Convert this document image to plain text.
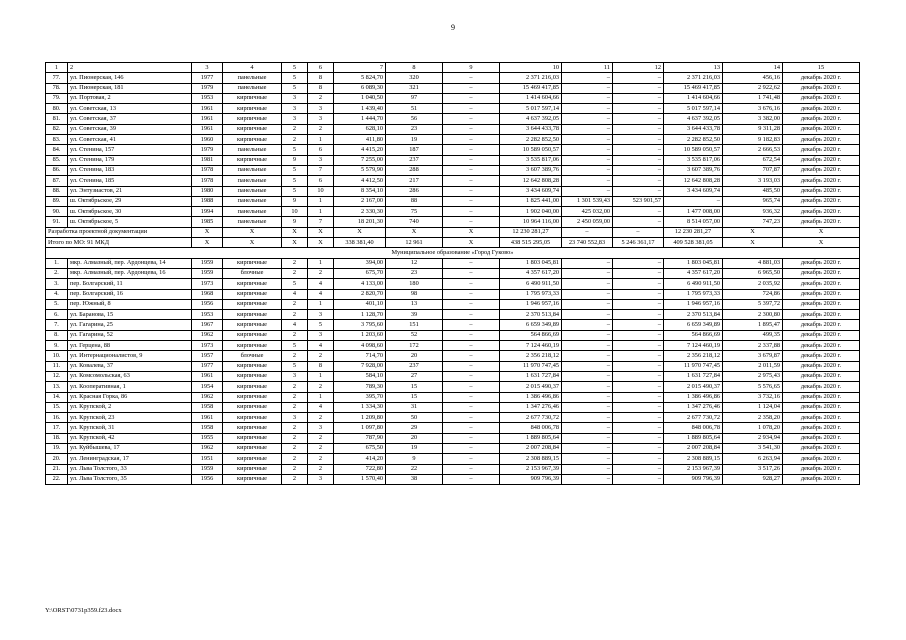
9
1	2	3	4	5	6	7	8	9	10	11	12	13	14	15
77.	ул. Пионерская, 146	1977	панельные	5	8	5 824,70	320	–	2 371 216,03	–	–	2 371 216,03	456,16	декабрь 2020 г.
78.	ул. Пионерская, 181	1979	панельные	5	8	6 089,30	321	–	15 469 417,85	–	–	15 469 417,85	2 922,62	декабрь 2020 г.
79.	ул. Портовая, 2	1953	кирпичные	3	2	1 040,50	97	–	1 414 604,66	–	–	1 414 604,66	1 741,48	декабрь 2020 г.
80.	ул. Советская, 13	1961	кирпичные	3	3	1 439,40	51	–	5 017 597,14	–	–	5 017 597,14	3 676,16	декабрь 2020 г.
81.	ул. Советская, 37	1961	кирпичные	3	3	1 444,70	56	–	4 637 392,05	–	–	4 637 392,05	3 382,00	декабрь 2020 г.
82.	ул. Советская, 39	1961	кирпичные	2	2	628,10	23	–	3 644 433,78	–	–	3 644 433,78	9 311,28	декабрь 2020 г.
83.	ул. Советская, 41	1960	кирпичные	2	1	411,80	19	–	2 282 852,50	–	–	2 282 852,50	9 182,83	декабрь 2020 г.
84.	ул. Стенина, 157	1979	панельные	5	6	4 415,20	187	–	10 589 050,57	–	–	10 589 050,57	2 666,53	декабрь 2020 г.
85.	ул. Стенина, 179	1981	кирпичные	9	3	7 255,00	237	–	3 535 817,06	–	–	3 535 817,06	672,54	декабрь 2020 г.
86.	ул. Стенина, 183	1978	панельные	5	7	5 579,90	288	–	3 607 389,76	–	–	3 607 389,76	707,87	декабрь 2020 г.
87.	ул. Стенина, 185	1978	панельные	5	6	4 412,50	217	–	12 642 808,28	–	–	12 642 808,28	3 193,03	декабрь 2020 г.
88.	ул. Энтузиастов, 21	1980	панельные	5	10	8 354,10	286	–	3 434 609,74	–	–	3 434 609,74	485,50	декабрь 2020 г.
89.	ш. Октябрьское, 29	1988	панельные	9	1	2 167,00	88	–	1 825 441,00	1 301 539,43	523 901,57	–	965,74	декабрь 2020 г.
90.	ш. Октябрьское, 30	1994	панельные	10	1	2 330,30	75	–	1 902 040,00	425 032,00	–	1 477 008,00	936,32	декабрь 2020 г.
91.	ш. Октябрьское, 5	1985	панельные	9	7	18 201,30	740	–	10 964 116,00	2 450 059,00	–	8 514 057,00	747,23	декабрь 2020 г.
Разработка проектной документации		Х	Х	Х	Х	Х	Х	Х	12 230 281,27	–	–	12 230 281,27	Х	Х
Итого по МО: 91 МКД		Х	Х	Х	Х	338 381,40	12 961	Х	438 515 295,05	23 740 552,83	5 246 361,17	409 528 381,05	Х	Х
Муниципальное образование «Город Гуково»														
1.	мкр. Алмазный, пер. Ардонцева, 14	1959	кирпичные	2	1	394,00	12	–	1 803 045,81	–	–	1 803 045,81	4 881,03	декабрь 2020 г.
2.	мкр. Алмазный, пер. Ардонцева, 16	1959	блочные	2	2	675,70	23	–	4 357 617,20	–	–	4 357 617,20	6 965,50	декабрь 2020 г.
3.	пер. Болгарский, 11	1973	кирпичные	5	4	4 133,00	180	–	6 490 911,50	–	–	6 490 911,50	2 035,92	декабрь 2020 г.
4.	пер. Болгарский, 16	1968	кирпичные	4	4	2 820,70	98	–	1 795 973,33	–	–	1 795 973,33	724,86	декабрь 2020 г.
5.	пер. Южный, 8	1956	кирпичные	2	1	401,10	13	–	1 946 957,16	–	–	1 946 957,16	5 397,72	декабрь 2020 г.
6.	ул. Баранова, 15	1953	кирпичные	2	3	1 128,70	39	–	2 370 513,84	–	–	2 370 513,84	2 300,80	декабрь 2020 г.
7.	ул. Гагарина, 25	1967	кирпичные	4	5	3 795,60	151	–	6 659 349,89	–	–	6 659 349,89	1 895,47	декабрь 2020 г.
8.	ул. Гагарина, 52	1962	кирпичные	2	3	1 203,60	52	–	564 866,69	–	–	564 866,69	499,35	декабрь 2020 г.
9.	ул. Герцена, 88	1973	кирпичные	5	4	4 098,60	172	–	7 124 460,19	–	–	7 124 460,19	2 337,88	декабрь 2020 г.
10.	ул. Интернационалистов, 9	1957	блочные	2	2	714,70	20	–	2 356 218,12	–	–	2 356 218,12	3 679,87	декабрь 2020 г.
11.	ул. Ковалева, 37	1977	кирпичные	5	8	7 928,00	237	–	11 970 747,45	–	–	11 970 747,45	2 011,59	декабрь 2020 г.
12.	ул. Комсомольская, 63	1961	кирпичные	3	1	584,10	27	–	1 631 727,84	–	–	1 631 727,84	2 975,43	декабрь 2020 г.
13.	ул. Кооперативная, 1	1954	кирпичные	2	2	789,30	15	–	2 015 490,37	–	–	2 015 490,37	5 576,65	декабрь 2020 г.
14.	ул. Красная Горка, 86	1962	кирпичные	2	1	395,70	15	–	1 386 496,86	–	–	1 386 496,86	3 732,16	декабрь 2020 г.
15.	ул. Крупской, 2	1958	кирпичные	2	4	1 334,30	31	–	1 347 276,46	–	–	1 347 276,46	1 124,04	декабрь 2020 г.
16.	ул. Крупской, 23	1961	кирпичные	3	2	1 209,80	50	–	2 677 730,72	–	–	2 677 730,72	2 358,20	декабрь 2020 г.
17.	ул. Крупской, 31	1958	кирпичные	2	3	1 097,80	29	–	848 006,78	–	–	848 006,78	1 078,20	декабрь 2020 г.
18.	ул. Крупской, 42	1955	кирпичные	2	2	787,90	20	–	1 889 805,64	–	–	1 889 805,64	2 934,94	декабрь 2020 г.
19.	ул. Куйбышева, 17	1962	кирпичные	2	2	675,50	19	–	2 007 208,84	–	–	2 007 208,84	3 541,30	декабрь 2020 г.
20.	ул. Ленинградская, 17	1951	кирпичные	2	2	414,20	9	–	2 308 889,15	–	–	2 308 889,15	6 263,94	декабрь 2020 г.
21.	ул. Льва Толстого, 33	1959	кирпичные	2	2	722,80	22	–	2 153 967,39	–	–	2 153 967,39	3 517,26	декабрь 2020 г.
22.	ул. Льва Толстого, 35	1956	кирпичные	2	3	1 570,40	38	–	909 796,39	–	–	909 796,39	928,27	декабрь 2020 г.
Y:\ORST\0731p359.f23.docx
